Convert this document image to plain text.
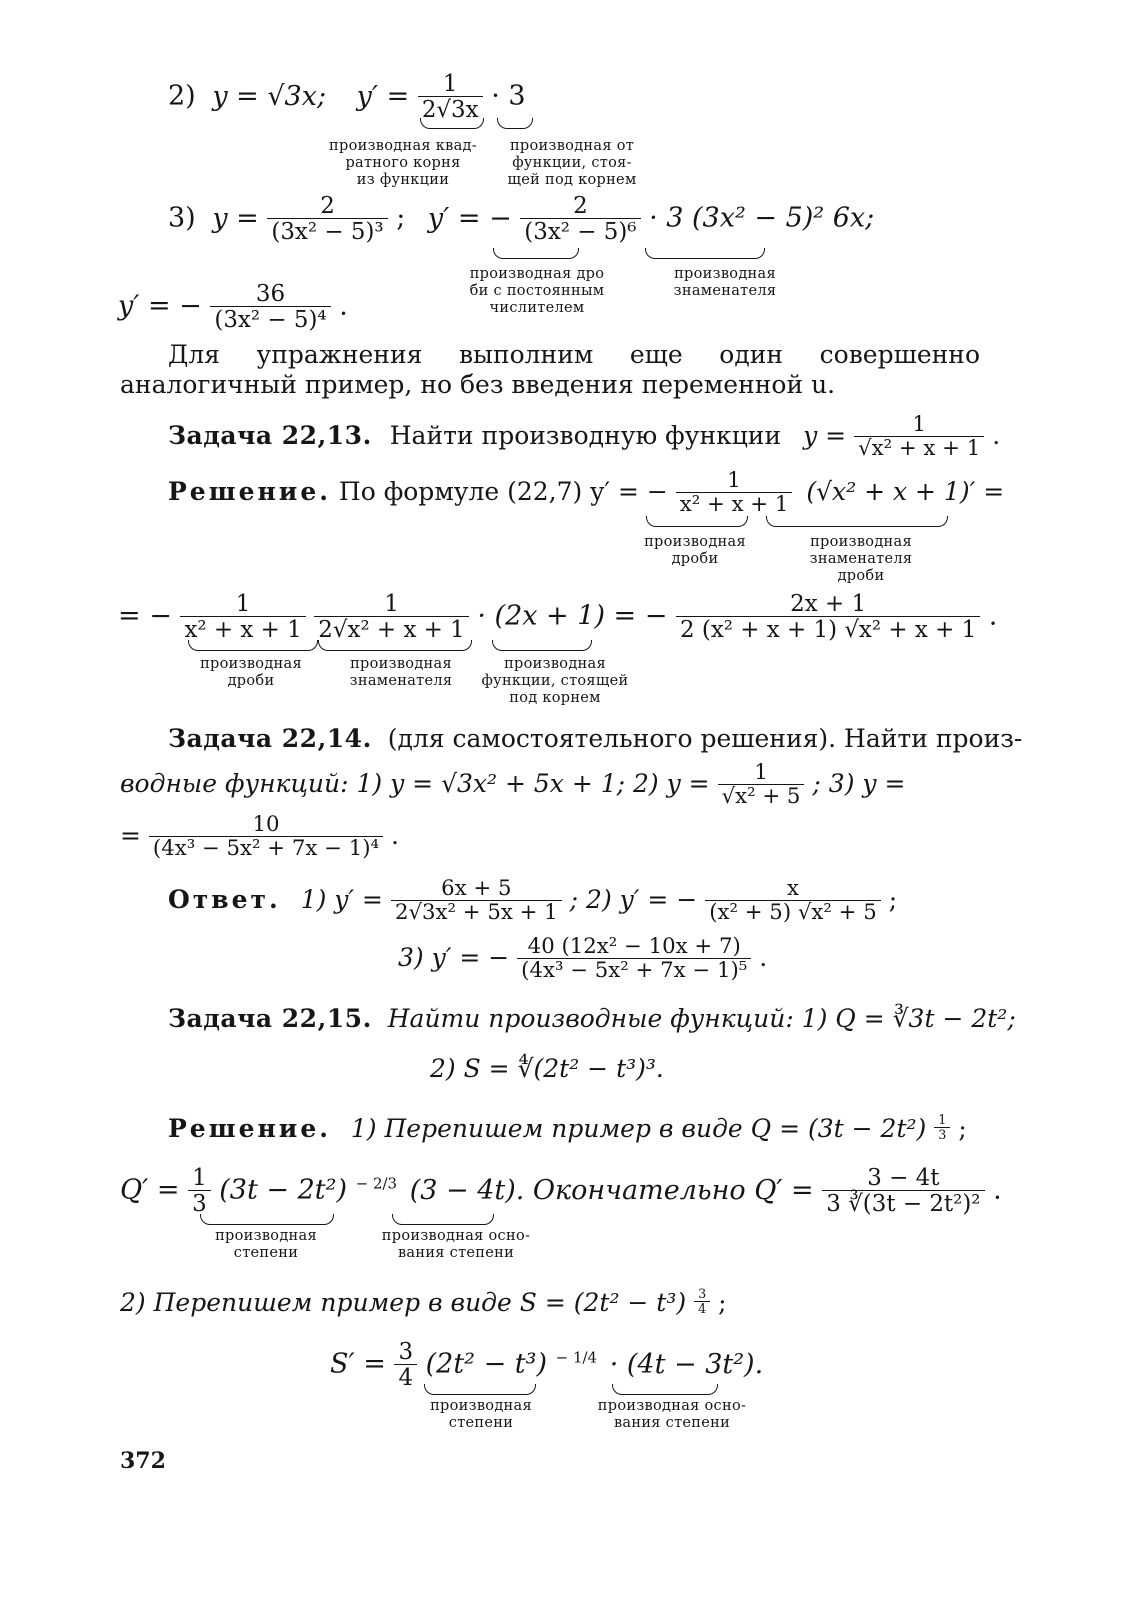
2) y = √3x; $y' = \frac{1}{2√3x} \cdot 3$
производная квад-
ратного корня
из функции
производная от
функции, стоя-
щей под корнем
3) $y = \frac{2}{\text{(3x² − 5)³}}$ ; y′ = − $\frac{2}{\text{(3x² − 5)⁶}} \cdot 3$ (3x² − 5)² 6x;
производная дро
би с постоянным
числителем
производная
знаменателя
y′ = − $\frac{36}{\text{(3x² − 5)⁴}}$ .
Для упражнения выполним еще один совершенно аналогичный пример, но без введения переменной u.
Задача 22,13. Найти производную функции $y = \frac{1}{\text{√x² + x + 1}}$ .
Решение. По формуле (22,7) y′ = − $\frac{1}{\text{x² + x + 1}} (√x^2 + x + 1)'$ =
производная
дроби
производная
знаменателя
дроби
= − $\frac{1}{\text{x² + x + 1}}$
$\frac{1}{\text{2√x² + x + 1}} \cdot (2x + 1)$ = − $\frac{2x + 1}{\text{2 (x² + x + 1) √x² + x + 1}}$ .
производная
дроби
производная
знаменателя
производная
функции, стоящей
под корнем
Задача 22,14. (для самостоятельного решения). Найти произ-
водные функций: 1) y = √3x² + 5x + 1; 2) $y = \frac{1}{\text{√x² + 5}}$ ; 3) y =
= $\frac{10}{\text{(4x³ − 5x² + 7x − 1)⁴}}$ .
Ответ. 1) $y' = \frac{6x + 5}{\text{2√3x² + 5x + 1}}$ ; 2) y′ = − $\frac{x}{\text{(x² + 5) √x² + 5}}$ ;
3) y′ = − $\frac{\text{40 (12x² − 10x + 7)}}{\text{(4x³ − 5x² + 7x − 1)⁵}}$ .
Задача 22,15. Найти производные функций: 1) Q = ∛3t − 2t²;
2) S = ∜(2t² − t³)³.
Решение. 1) Перепишем пример в виде $Q = (3t - 2t^2) \frac{1}{3}$ ;
$Q' = \frac{1}{3} (3t - 2t^2)$ $^{- 2/3}$ (3 − 4t). Окончательно $Q' = \frac{3 - 4t}{\text{3 ∛(3t − 2t²)²}}$ .
производная
степени
производная осно-
вания степени
2) Перепишем пример в виде $S = (2t^2 - t^3) \frac{3}{4}$ ;
$S' = \frac{3}{4} (2t^2 - t^3) ^{- 1/4} \cdot (4t - 3t^2)$.
производная
степени
производная осно-
вания степени
372
